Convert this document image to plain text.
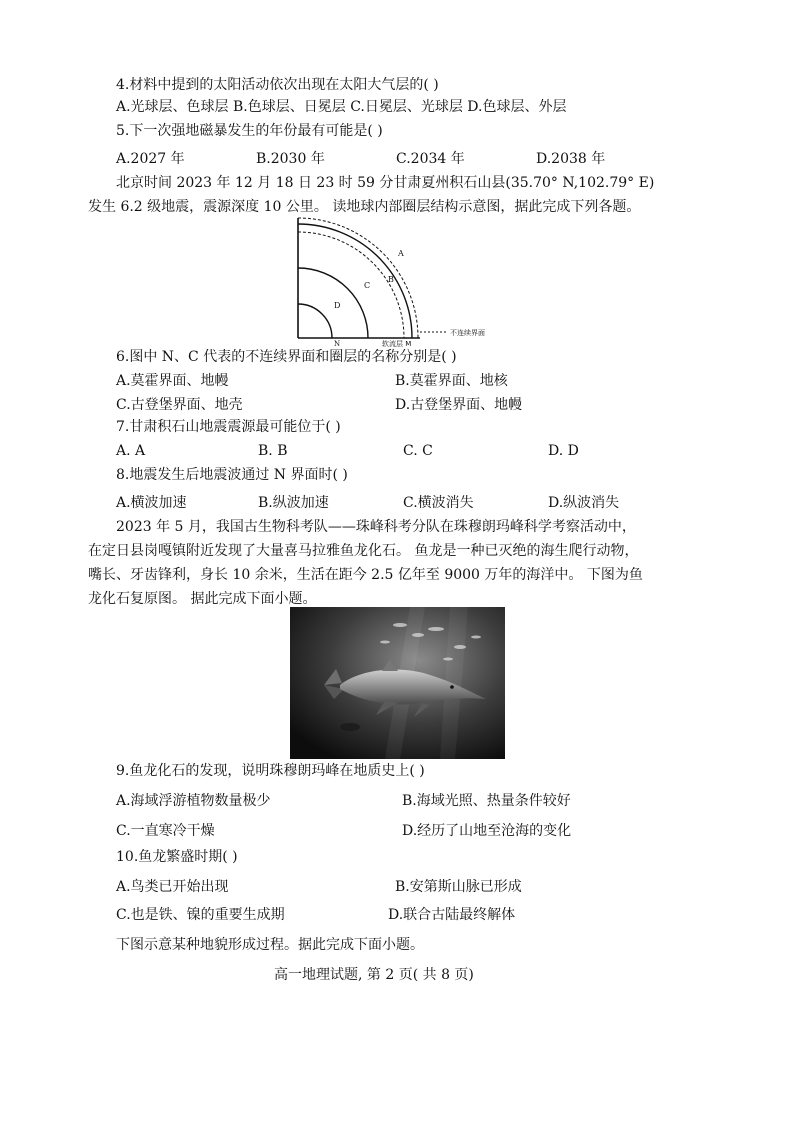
4.材料中提到的太阳活动依次出现在太阳大气层的( )
A.光球层、色球层 B.色球层、日冕层 C.日冕层、光球层 D.色球层、外层
5.下一次强地磁暴发生的年份最有可能是( )
A.2027 年	B.2030 年	C.2034 年	D.2038 年
北京时间 2023 年 12 月 18 日 23 时 59 分甘肃夏州积石山县(35.70° N,102.79° E)
发生 6.2 级地震，震源深度 10 公里。 读地球内部圈层结构示意图，据此完成下列各题。
A
B
C
D
N	软流层 M
不连续界面
6.图中 N、C 代表的不连续界面和圈层的名称分别是( )
A.莫霍界面、地幔	B.莫霍界面、地核
C.古登堡界面、地壳	D.古登堡界面、地幔
7.甘肃积石山地震震源最可能位于( )
A. A	B. B	C. C	D. D
8.地震发生后地震波通过 N 界面时( )
A.横波加速	B.纵波加速	C.横波消失	D.纵波消失
2023 年 5 月，我国古生物科考队——珠峰科考分队在珠穆朗玛峰科学考察活动中，
在定日县岗嘎镇附近发现了大量喜马拉雅鱼龙化石。 鱼龙是一种已灭绝的海生爬行动物，
嘴长、牙齿锋利，身长 10 余米，生活在距今 2.5 亿年至 9000 万年的海洋中。 下图为鱼
龙化石复原图。 据此完成下面小题。
9.鱼龙化石的发现，说明珠穆朗玛峰在地质史上( )
A.海域浮游植物数量极少	B.海域光照、热量条件较好
C.一直寒冷干燥	D.经历了山地至沧海的变化
10.鱼龙繁盛时期( )
A.鸟类已开始出现	B.安第斯山脉已形成
C.也是铁、镍的重要生成期	D.联合古陆最终解体
下图示意某种地貌形成过程。据此完成下面小题。
高一地理试题, 第 2 页( 共 8 页)
